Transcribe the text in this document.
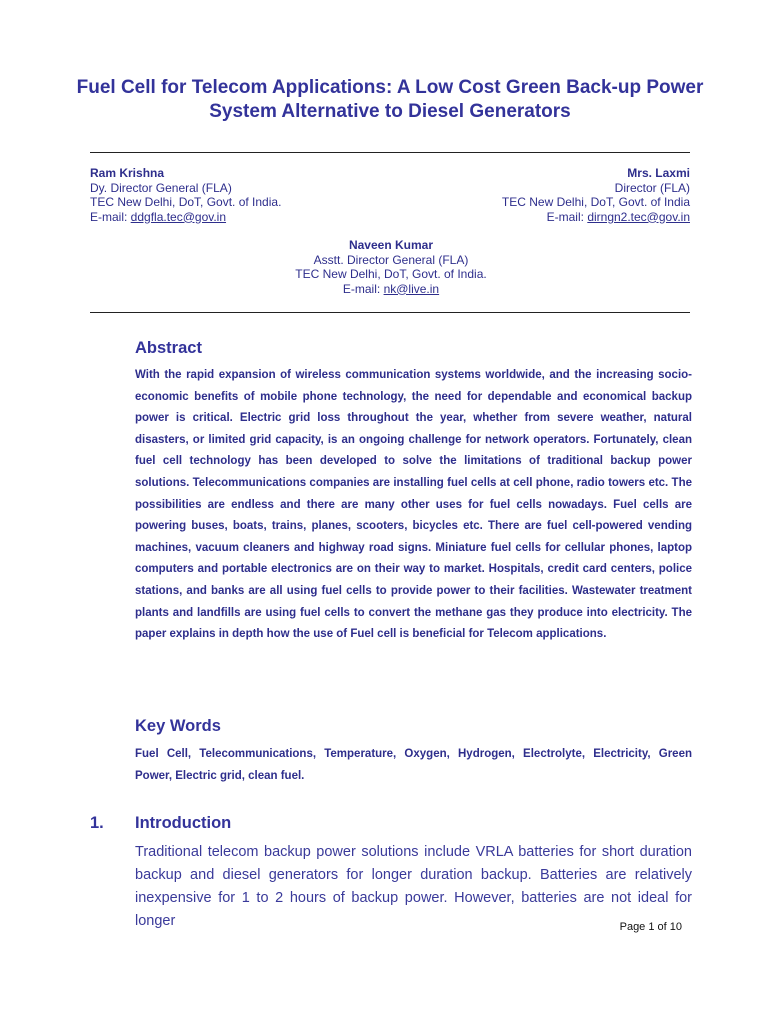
Fuel Cell for Telecom Applications: A Low Cost Green Back-up Power System Alternative to Diesel Generators
Ram Krishna
Dy. Director General (FLA)
TEC New Delhi, DoT, Govt. of India.
E-mail: ddgfla.tec@gov.in
Mrs. Laxmi
Director (FLA)
TEC New Delhi, DoT, Govt. of India
E-mail: dirngn2.tec@gov.in
Naveen Kumar
Asstt. Director General (FLA)
TEC New Delhi, DoT, Govt. of India.
E-mail: nk@live.in
Abstract
With the rapid expansion of wireless communication systems worldwide, and the increasing socio-economic benefits of mobile phone technology, the need for dependable and economical backup power is critical. Electric grid loss throughout the year, whether from severe weather, natural disasters, or limited grid capacity, is an ongoing challenge for network operators. Fortunately, clean fuel cell technology has been developed to solve the limitations of traditional backup power solutions. Telecommunications companies are installing fuel cells at cell phone, radio towers etc. The possibilities are endless and there are many other uses for fuel cells nowadays. Fuel cells are powering buses, boats, trains, planes, scooters, bicycles etc. There are fuel cell-powered vending machines, vacuum cleaners and highway road signs. Miniature fuel cells for cellular phones, laptop computers and portable electronics are on their way to market. Hospitals, credit card centers, police stations, and banks are all using fuel cells to provide power to their facilities. Wastewater treatment plants and landfills are using fuel cells to convert the methane gas they produce into electricity. The paper explains in depth how the use of Fuel cell is beneficial for Telecom applications.
Key Words
Fuel Cell, Telecommunications, Temperature, Oxygen, Hydrogen, Electrolyte, Electricity, Green Power, Electric grid, clean fuel.
1. Introduction
Traditional telecom backup power solutions include VRLA batteries for short duration backup and diesel generators for longer duration backup. Batteries are relatively inexpensive for 1 to 2 hours of backup power. However, batteries are not ideal for longer	Page 1 of 10
